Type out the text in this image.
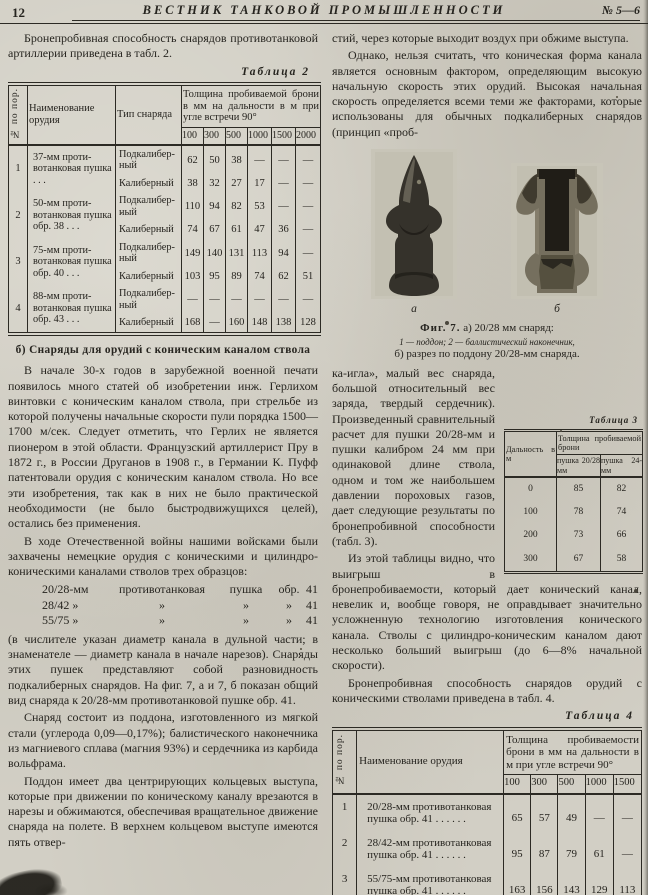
12	ВЕСТНИК ТАНКОВОЙ ПРОМЫШЛЕННОСТИ	№ 5—6

Бронепробивная способность снарядов противотанковой артиллерии приведена в табл. 2.

Таблица 2
№ по пор.	Наименование орудия	Тип снаряда	Толщина пробиваемой брони в мм на дальности в м при угле встречи 90°					
			100	300	500	1000	1500	2000
1	37-мм противотанковая пушка . . .	Подкалиберный	62	50	38	—	—	—
		Калиберный	38	32	27	17	—	—
2	50-мм противотанковая пушка обр. 38 . . .	Подкалиберный	110	94	82	53	—	—
		Калиберный	74	67	61	47	36	—
3	75-мм противотанковая пушка обр. 40 . . .	Подкалиберный	149	140	131	113	94	—
		Калиберный	103	95	89	74	62	51
4	88-мм противотанковая пушка обр. 43 . . .	Подкалиберный	—	—	—	—	—	—
		Калиберный	168	—	160	148	138	128
б) Снаряды для орудий с коническим каналом ствола

В начале 30-х годов в зарубежной военной печати появилось много статей об изобретении инж. Герлихом винтовки с коническим каналом ствола, при стрельбе из которой получены начальные скорости пули порядка 1500—1700 м/сек. Следует отметить, что Герлих не является пионером в этой области. Французский артиллерист Пру в 1872 г., в России Друганов в 1908 г., в Германии К. Пуфф патентовали орудия с коническим каналом ствола. Но все эти изобретения, так как в них не было практической необходимости (не было быстродвижущихся целей), остались без применения.

В ходе Отечественной войны нашими войсками были захвачены немецкие орудия с коническими и цилиндро-коническими каналами стволов трех образцов:

20/28-мм	противотанковая	пушка	обр. 41
28/42 »	»	»	»	41
55/75 »	»	»	»	41

(в числителе указан диаметр канала в дульной части; в знаменателе — диаметр канала в начале нарезов). Снаряды этих пушек представляют собой разновидность подкалиберных снарядов. На фиг. 7, а и 7, б показан общий вид снаряда к 20/28-мм противотанковой пушке обр. 41.

Снаряд состоит из поддона, изготовленного из мягкой стали (углерода 0,09—0,17%); балистического наконечника из магниевого сплава (магния 93%) и сердечника из карбида вольфрама.

Поддон имеет два центрирующих кольцевых выступа, которые при движении по коническому каналу врезаются в нарезы и обжимаются, обеспечивая вращательное движение снаряда на полете. В верхнем кольцевом выступе имеются пять отвер-

стий, через которые выходит воздух при обжиме выступа.

Однако, нельзя считать, что коническая форма канала является основным фактором, определяющим высокую начальную скорость этих орудий. Высокая начальная скорость определяется всеми теми же факторами, которые использованы для обычных подкалиберных снарядов (принцип «проб-

а	б
Фиг. 7. а) 20/28 мм снаряд:
1 — поддон; 2 — баллистический наконечник,
б) разрез по поддону 20/28-мм снаряда.
Таблица 3
Дальность в м	Толщина пробиваемой брони	
	пушка 20/28 мм	пушка 24-мм
0	85	82
100	78	74
200	73	66
300	67	58

ка-игла», малый вес снаряда, большой относительный вес заряда, твердый сердечник). Произведенный сравнительный расчет для пушки 20/28-мм и пушки калибром 24 мм при одинаковой длине ствола, одном и том же наибольшем давлении пороховых газов, дает следующие результаты по бронепробивной способности (табл. 3).

Из этой таблицы видно, что выигрыш в бронепробиваемости, который дает конический канал, невелик и, вообще говоря, не оправдывает значительно усложненную технологию изготовления конического канала. Стволы с цилиндро-коническим каналом дают несколько больший выигрыш (до 6—8% начальной скорости).

Бронепробивная способность снарядов орудий с коническими стволами приведена в табл. 4.

Таблица 4
№ по пор.	Наименование орудия	Толщина пробиваемости брони в мм на дальности в м при угле встречи 90°				
		100	300	500	1000	1500
1	20/28-мм противотанковая пушка обр. 41 . . . . . .	65	57	49	—	—
2	28/42-мм противотанковая пушка обр. 41 . . . . . .	95	87	79	61	—
3	55/75-мм противотанковая пушка обр. 41 . . . . . .	163	156	143	129	113
